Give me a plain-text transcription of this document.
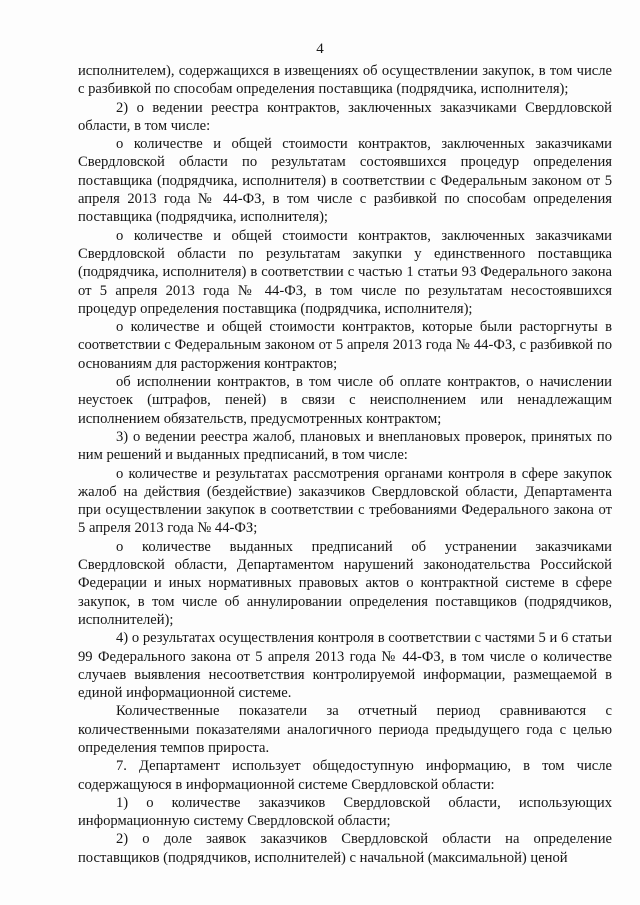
4

исполнителем), содержащихся в извещениях об осуществлении закупок, в том числе с разбивкой по способам определения поставщика (подрядчика, исполнителя);

2) о ведении реестра контрактов, заключенных заказчиками Свердловской области, в том числе:

о количестве и общей стоимости контрактов, заключенных заказчиками Свердловской области по результатам состоявшихся процедур определения поставщика (подрядчика, исполнителя) в соответствии с Федеральным законом от 5 апреля 2013 года № 44-ФЗ, в том числе с разбивкой по способам определения поставщика (подрядчика, исполнителя);

о количестве и общей стоимости контрактов, заключенных заказчиками Свердловской области по результатам закупки у единственного поставщика (подрядчика, исполнителя) в соответствии с частью 1 статьи 93 Федерального закона от 5 апреля 2013 года № 44-ФЗ, в том числе по результатам несостоявшихся процедур определения поставщика (подрядчика, исполнителя);

о количестве и общей стоимости контрактов, которые были расторгнуты в соответствии с Федеральным законом от 5 апреля 2013 года № 44-ФЗ, с разбивкой по основаниям для расторжения контрактов;

об исполнении контрактов, в том числе об оплате контрактов, о начислении неустоек (штрафов, пеней) в связи с неисполнением или ненадлежащим исполнением обязательств, предусмотренных контрактом;

3) о ведении реестра жалоб, плановых и внеплановых проверок, принятых по ним решений и выданных предписаний, в том числе:

о количестве и результатах рассмотрения органами контроля в сфере закупок жалоб на действия (бездействие) заказчиков Свердловской области, Департамента при осуществлении закупок в соответствии с требованиями Федерального закона от 5 апреля 2013 года № 44-ФЗ;

о количестве выданных предписаний об устранении заказчиками Свердловской области, Департаментом нарушений законодательства Российской Федерации и иных нормативных правовых актов о контрактной системе в сфере закупок, в том числе об аннулировании определения поставщиков (подрядчиков, исполнителей);

4) о результатах осуществления контроля в соответствии с частями 5 и 6 статьи 99 Федерального закона от 5 апреля 2013 года № 44-ФЗ, в том числе о количестве случаев выявления несоответствия контролируемой информации, размещаемой в единой информационной системе.

Количественные показатели за отчетный период сравниваются с количественными показателями аналогичного периода предыдущего года с целью определения темпов прироста.

7. Департамент использует общедоступную информацию, в том числе содержащуюся в информационной системе Свердловской области:

1) о количестве заказчиков Свердловской области, использующих информационную систему Свердловской области;

2) о доле заявок заказчиков Свердловской области на определение поставщиков (подрядчиков, исполнителей) с начальной (максимальной) ценой
